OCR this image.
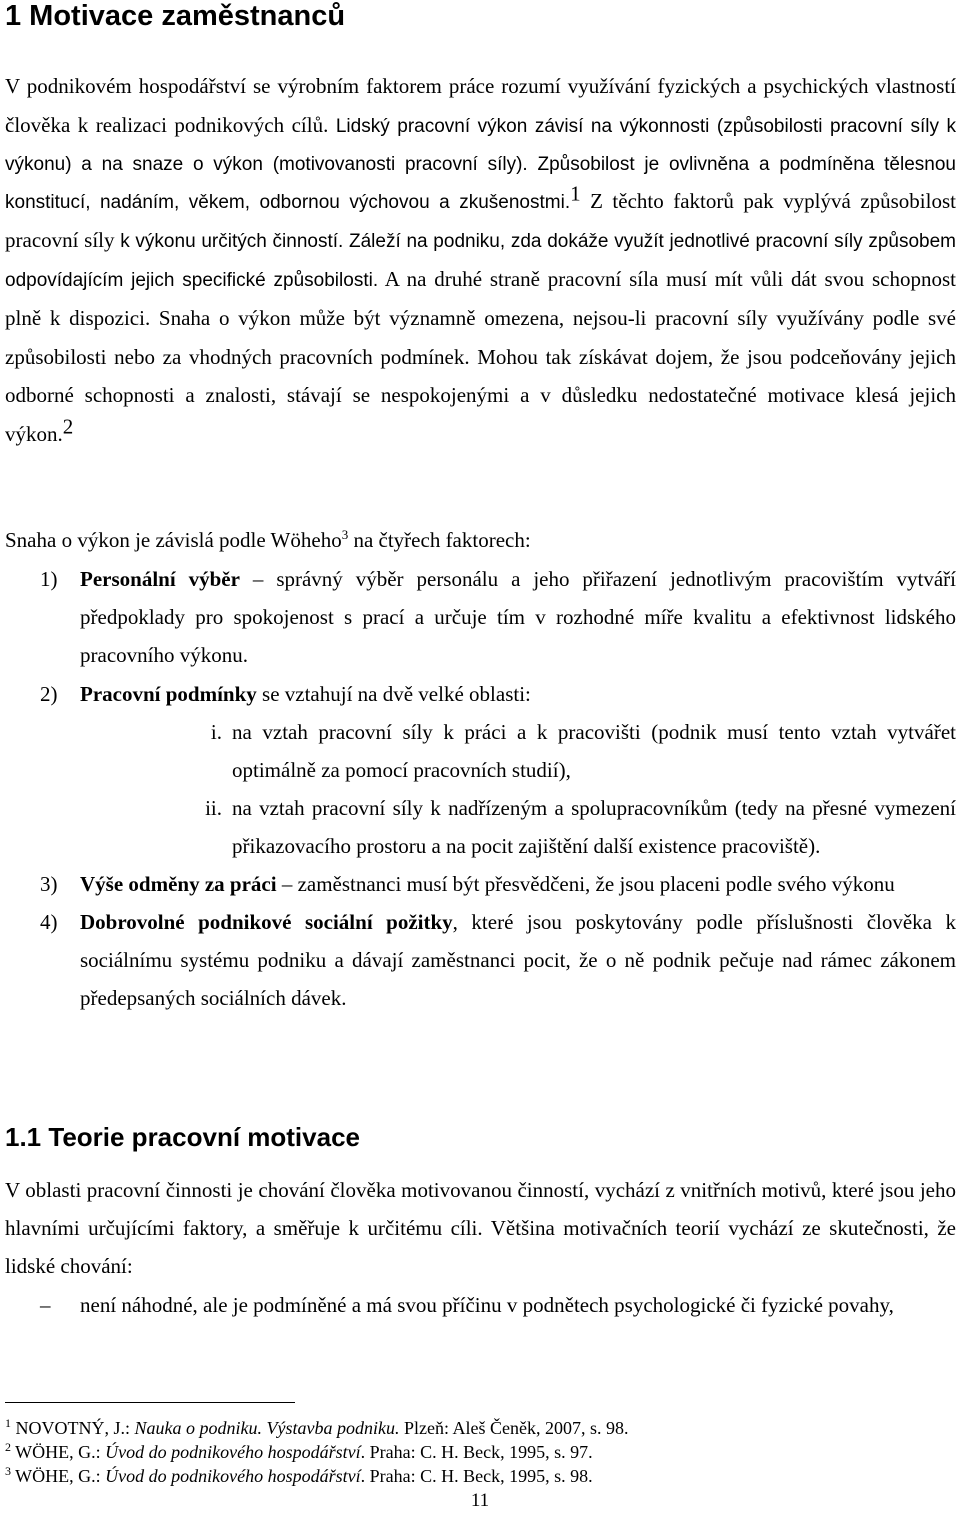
1 Motivace zaměstnanců

V podnikovém hospodářství se výrobním faktorem práce rozumí využívání fyzických a psychických vlastností člověka k realizaci podnikových cílů. Lidský pracovní výkon závisí na výkonnosti (způsobilosti pracovní síly k výkonu) a na snaze o výkon (motivovanosti pracovní síly). Způsobilost je ovlivněna a podmíněna tělesnou konstitucí, nadáním, věkem, odbornou výchovou a zkušenostmi.$^1$ Z těchto faktorů pak vyplývá způsobilost pracovní síly k výkonu určitých činností. Záleží na podniku, zda dokáže využít jednotlivé pracovní síly způsobem odpovídajícím jejich specifické způsobilosti. A na druhé straně pracovní síla musí mít vůli dát svou schopnost plně k dispozici. Snaha o výkon může být významně omezena, nejsou-li pracovní síly využívány podle své způsobilosti nebo za vhodných pracovních podmínek. Mohou tak získávat dojem, že jsou podceňovány jejich odborné schopnosti a znalosti, stávají se nespokojenými a v důsledku nedostatečné motivace klesá jejich výkon.$^2$

Snaha o výkon je závislá podle Wöheho$^3$ na čtyřech faktorech:

1) Personální výběr – správný výběr personálu a jeho přiřazení jednotlivým pracovištím vytváří předpoklady pro spokojenost s prací a určuje tím v rozhodné míře kvalitu a efektivnost lidského pracovního výkonu.
2) Pracovní podmínky se vztahují na dvě velké oblasti:
i. na vztah pracovní síly k práci a k pracovišti (podnik musí tento vztah vytvářet optimálně za pomocí pracovních studií),
ii. na vztah pracovní síly k nadřízeným a spolupracovníkům (tedy na přesné vymezení přikazovacího prostoru a na pocit zajištění další existence pracoviště).
3) Výše odměny za práci – zaměstnanci musí být přesvědčeni, že jsou placeni podle svého výkonu
4) Dobrovolné podnikové sociální požitky, které jsou poskytovány podle příslušnosti člověka k sociálnímu systému podniku a dávají zaměstnanci pocit, že o ně podnik pečuje nad rámec zákonem předepsaných sociálních dávek.
1.1 Teorie pracovní motivace

V oblasti pracovní činnosti je chování člověka motivovanou činností, vychází z vnitřních motivů, které jsou jeho hlavními určujícími faktory, a směřuje k určitému cíli. Většina motivačních teorií vychází ze skutečnosti, že lidské chování:

– není náhodné, ale je podmíněné a má svou příčinu v podnětech psychologické či fyzické povahy,

$^1$ NOVOTNÝ, J.: Nauka o podniku. Výstavba podniku. Plzeň: Aleš Čeněk, 2007, s. 98.

$^2$ WÖHE, G.: Úvod do podnikového hospodářství. Praha: C. H. Beck, 1995, s. 97.

$^3$ WÖHE, G.: Úvod do podnikového hospodářství. Praha: C. H. Beck, 1995, s. 98.

11
